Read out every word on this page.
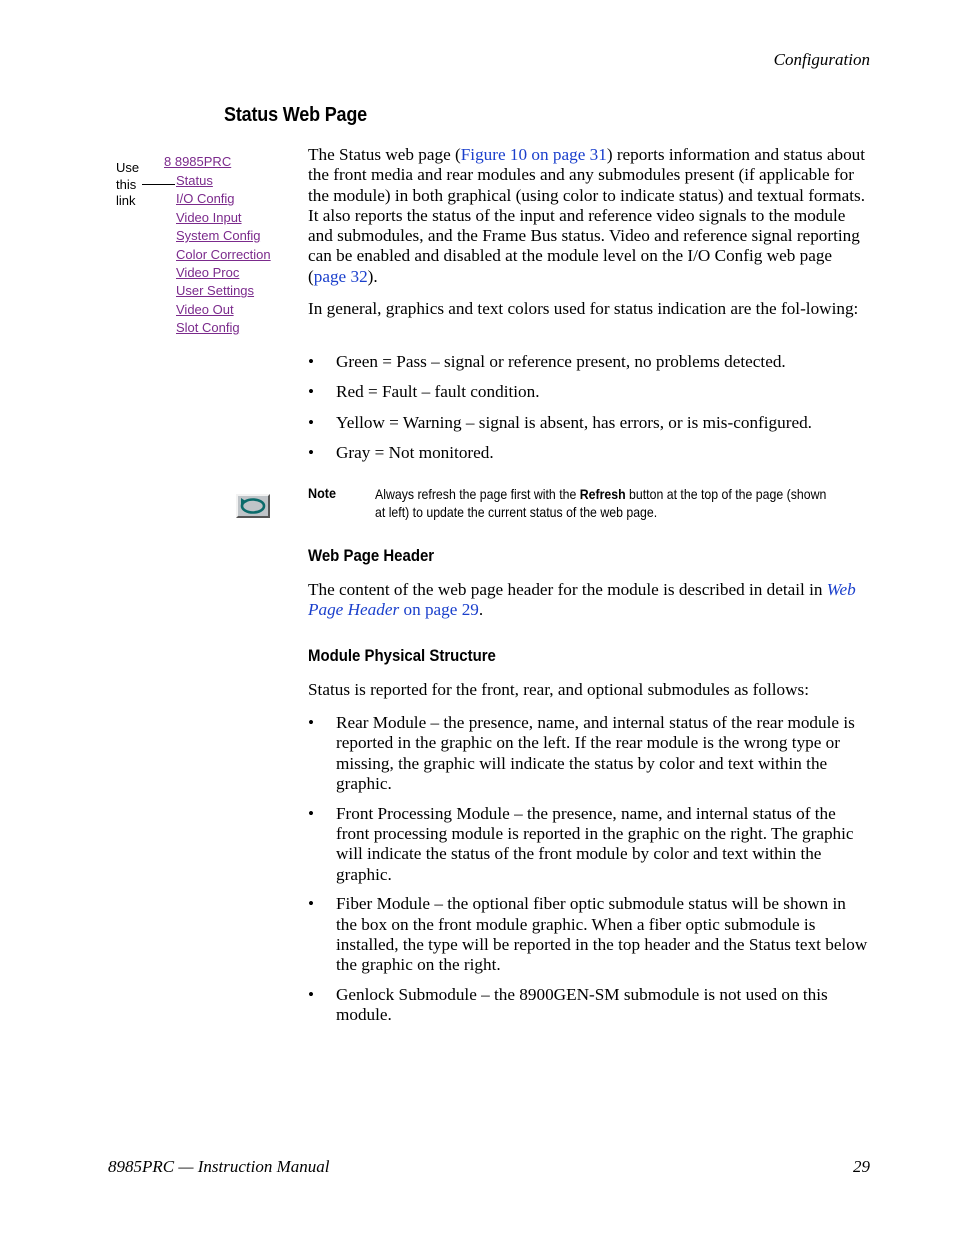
Configuration
Status Web Page
Use
this
link
8 8985PRC
Status
I/O Config
Video Input
System Config
Color Correction
Video Proc
User Settings
Video Out
Slot Config

The Status web page (Figure 10 on page 31) reports information and status about the front media and rear modules and any submodules present (if applicable for the module) in both graphical (using color to indicate status) and textual formats. It also reports the status of the input and reference video signals to the module and submodules, and the Frame Bus status. Video and reference signal reporting can be enabled and disabled at the module level on the I/O Config web page (page 32).

In general, graphics and text colors used for status indication are the fol-lowing:
• Green = Pass – signal or reference present, no problems detected.
• Red = Fault – fault condition.
• Yellow = Warning – signal is absent, has errors, or is mis-configured.
• Gray = Not monitored.
Note	Always refresh the page first with the Refresh button at the top of the page (shown at left) to update the current status of the web page.
Web Page Header
The content of the web page header for the module is described in detail in Web Page Header on page 29.
Module Physical Structure
Status is reported for the front, rear, and optional submodules as follows:
• Rear Module – the presence, name, and internal status of the rear module is reported in the graphic on the left. If the rear module is the wrong type or missing, the graphic will indicate the status by color and text within the graphic.
• Front Processing Module – the presence, name, and internal status of the front processing module is reported in the graphic on the right. The graphic will indicate the status of the front module by color and text within the graphic.
• Fiber Module – the optional fiber optic submodule status will be shown in the box on the front module graphic. When a fiber optic submodule is installed, the type will be reported in the top header and the Status text below the graphic on the right.
• Genlock Submodule – the 8900GEN-SM submodule is not used on this module.
8985PRC — Instruction Manual	29
